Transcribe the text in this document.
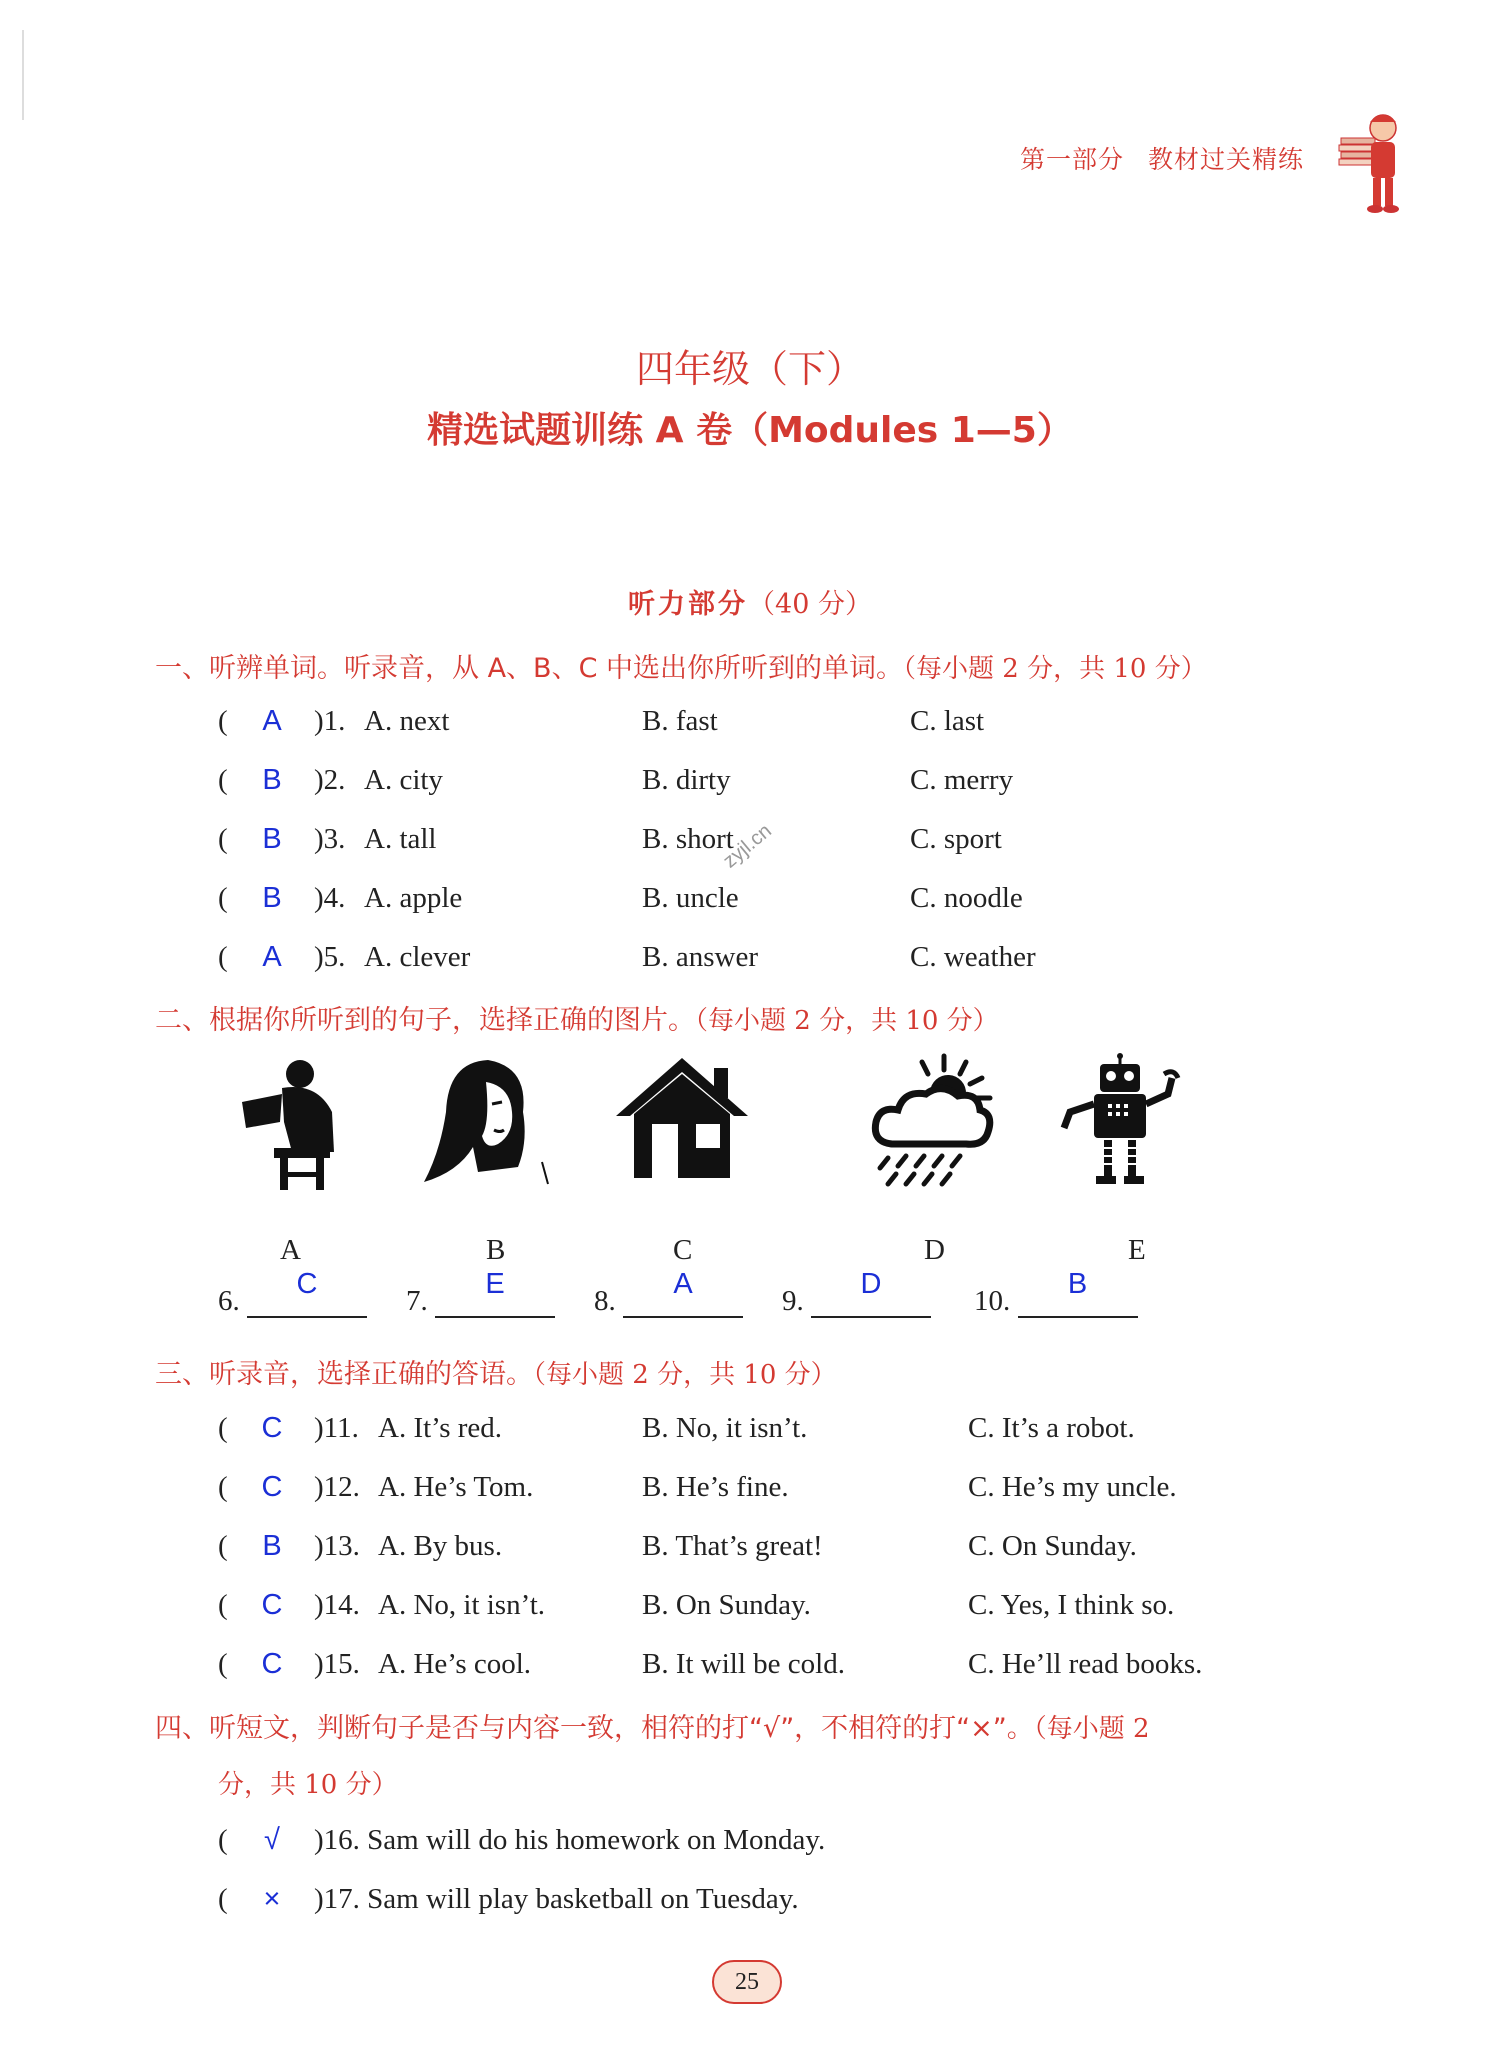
第一部分 教材过关精练
四年级（下）
精选试题训练 A 卷（Modules 1—5）
听力部分（40 分）
一、听辨单词。听录音，从 A、B、C 中选出你所听到的单词。（每小题 2 分，共 10 分）
( A )1. A. next	B. fast	C. last
( B )2. A. city	B. dirty	C. merry
( B )3. A. tall	B. short	C. sport
( B )4. A. apple	B. uncle	C. noodle
( A )5. A. clever	B. answer	C. weather
zyjl.cn
二、根据你所听到的句子，选择正确的图片。（每小题 2 分，共 10 分）
A	B	C	D	E
6.
C
7.
E
8.
A
9.
D
10.
B
三、听录音，选择正确的答语。（每小题 2 分，共 10 分）
( C )11. A. It’s red.	B. No, it isn’t.	C. It’s a robot.
( C )12. A. He’s Tom.	B. He’s fine.	C. He’s my uncle.
( B )13. A. By bus.	B. That’s great!	C. On Sunday.
( C )14. A. No, it isn’t.	B. On Sunday.	C. Yes, I think so.
( C )15. A. He’s cool.	B. It will be cold.	C. He’ll read books.
四、听短文，判断句子是否与内容一致，相符的打“√”，不相符的打“×”。（每小题 2
分，共 10 分）
(	√	)16. Sam will do his homework on Monday.
(	×	)17. Sam will play basketball on Tuesday.
25
